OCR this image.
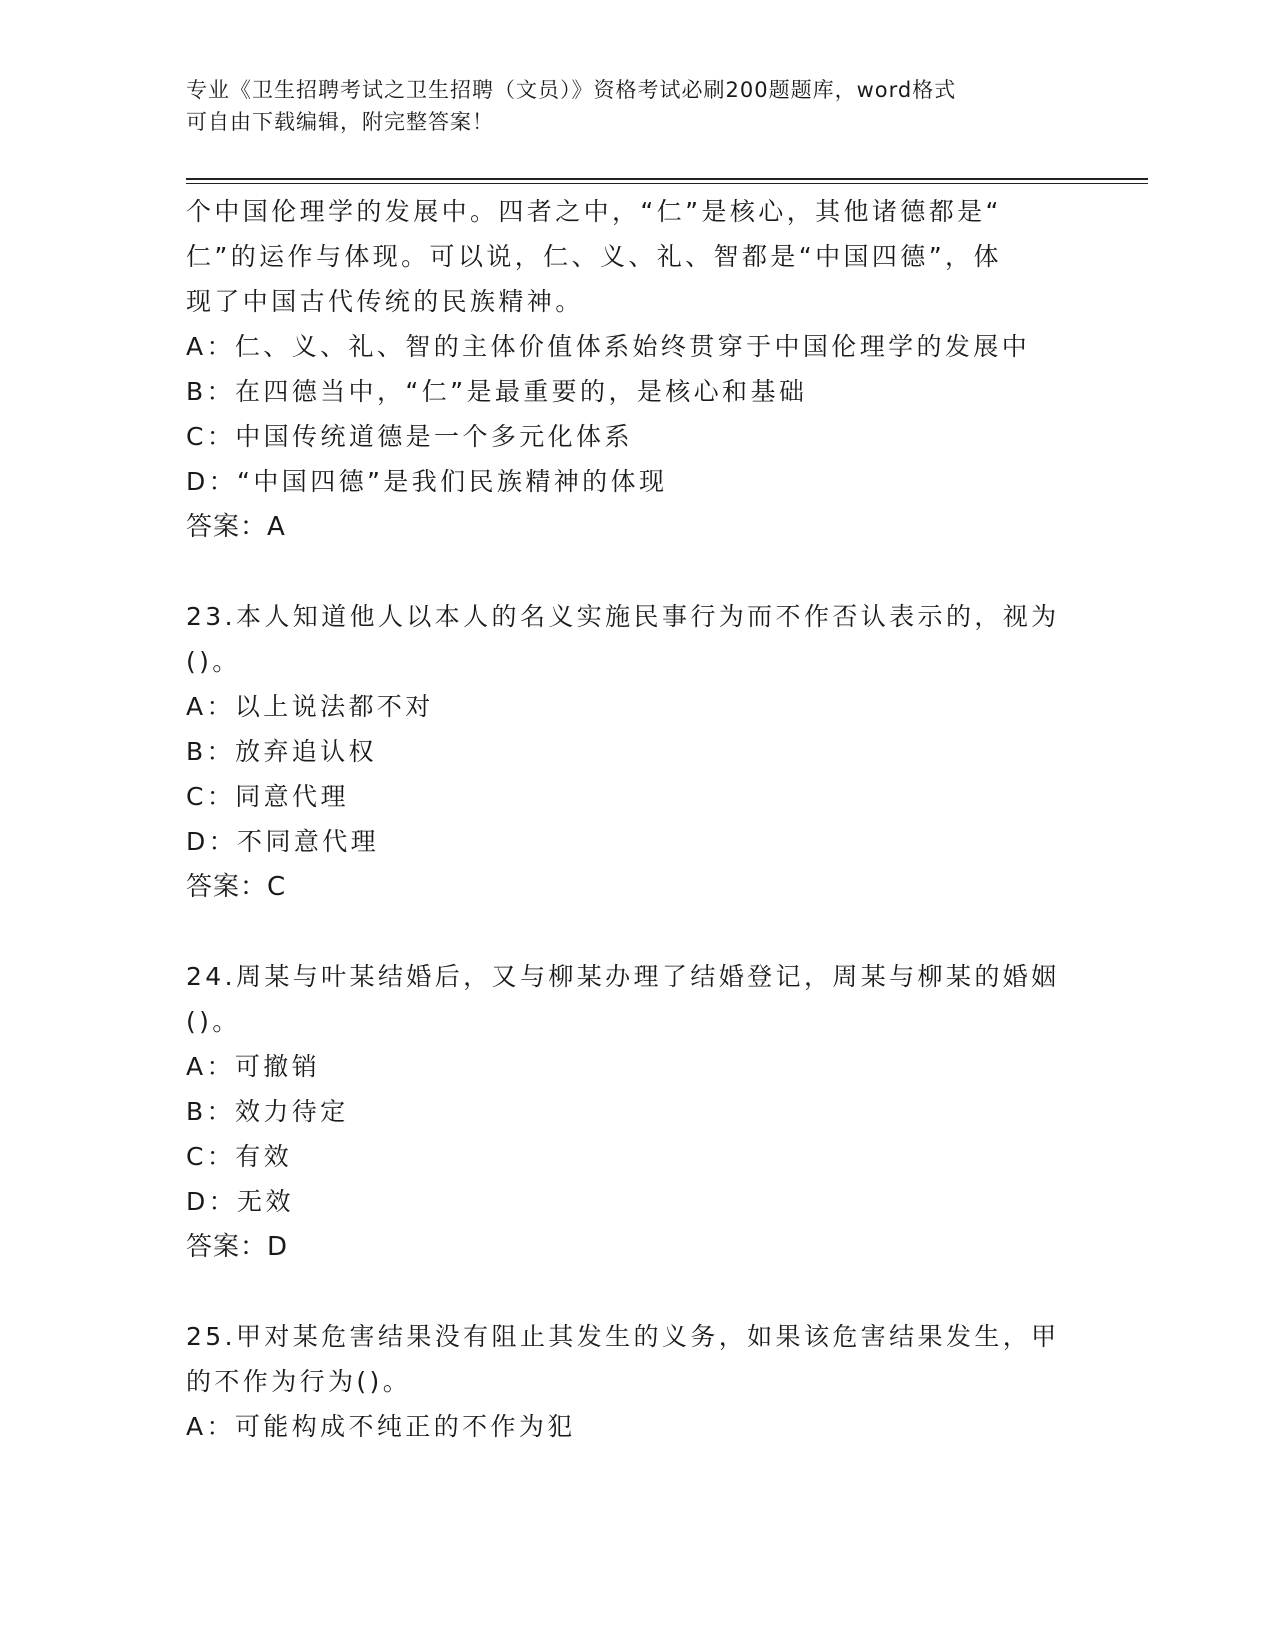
专业《卫生招聘考试之卫生招聘（文员）》资格考试必刷200题题库，word格式
可自由下载编辑，附完整答案！
个中国伦理学的发展中。四者之中，“仁”是核心，其他诸德都是“
仁”的运作与体现。可以说，仁、义、礼、智都是“中国四德”，体
现了中国古代传统的民族精神。
A：仁、义、礼、智的主体价值体系始终贯穿于中国伦理学的发展中
B：在四德当中，“仁”是最重要的，是核心和基础
C：中国传统道德是一个多元化体系
D：“中国四德”是我们民族精神的体现
答案：A
23.本人知道他人以本人的名义实施民事行为而不作否认表示的，视为
()。
A：以上说法都不对
B：放弃追认权
C：同意代理
D：不同意代理
答案：C
24.周某与叶某结婚后，又与柳某办理了结婚登记，周某与柳某的婚姻
()。
A：可撤销
B：效力待定
C：有效
D：无效
答案：D
25.甲对某危害结果没有阻止其发生的义务，如果该危害结果发生，甲
的不作为行为()。
A：可能构成不纯正的不作为犯
